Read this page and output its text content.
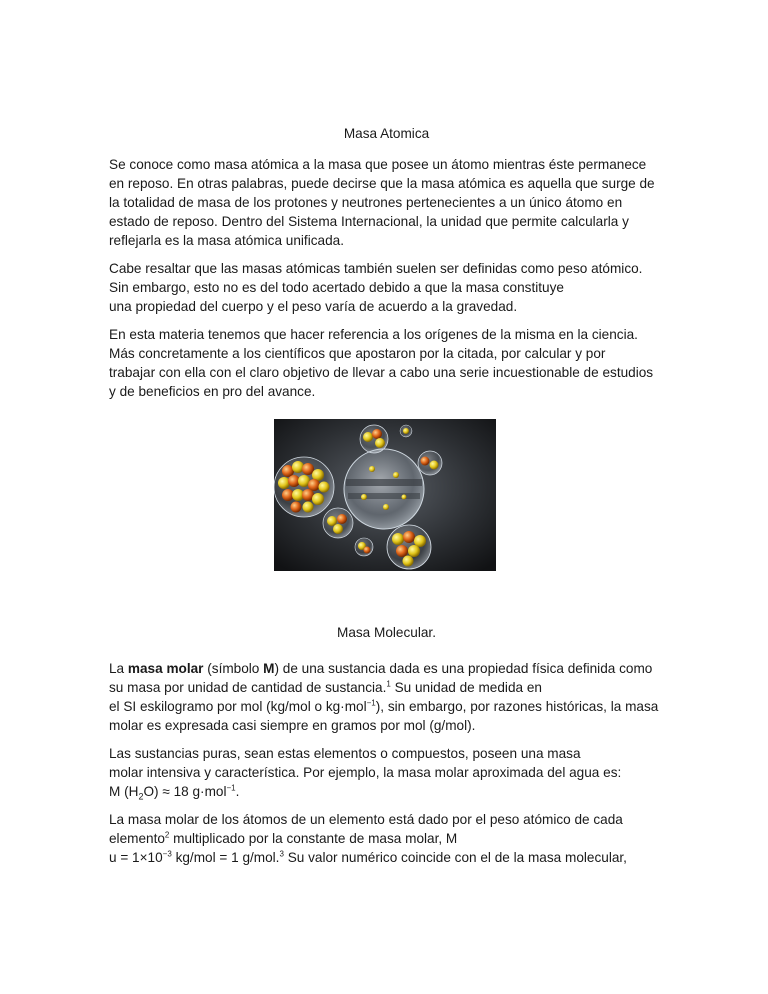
Masa Atomica

Se conoce como masa atómica a la masa que posee un átomo mientras éste permanece
en reposo. En otras palabras, puede decirse que la masa atómica es aquella que surge de
la totalidad de masa de los protones y neutrones pertenecientes a un único átomo en
estado de reposo. Dentro del Sistema Internacional, la unidad que permite calcularla y
reflejarla es la masa atómica unificada.

Cabe resaltar que las masas atómicas también suelen ser definidas como peso atómico.
Sin embargo, esto no es del todo acertado debido a que la masa constituye
una propiedad del cuerpo y el peso varía de acuerdo a la gravedad.

En esta materia tenemos que hacer referencia a los orígenes de la misma en la ciencia.
Más concretamente a los científicos que apostaron por la citada, por calcular y por
trabajar con ella con el claro objetivo de llevar a cabo una serie incuestionable de estudios
y de beneficios en pro del avance.

Masa Molecular.

La masa molar (símbolo M) de una sustancia dada es una propiedad física definida como
su masa por unidad de cantidad de sustancia.$^1$ Su unidad de medida en
el SI eskilogramo por mol (kg/mol o kg·mol$^{-1}$), sin embargo, por razones históricas, la masa
molar es expresada casi siempre en gramos por mol (g/mol).

Las sustancias puras, sean estas elementos o compuestos, poseen una masa
molar intensiva y característica. Por ejemplo, la masa molar aproximada del agua es:
M $(H_2O) \approx 18$ g·mol$^{-1}$.

La masa molar de los átomos de un elemento está dado por el peso atómico de cada
elemento$^2$ multiplicado por la constante de masa molar, M
$u = 1\times 10^{-3}$ kg/mol = 1 g/mol.$^3$ Su valor numérico coincide con el de la masa molecular,
